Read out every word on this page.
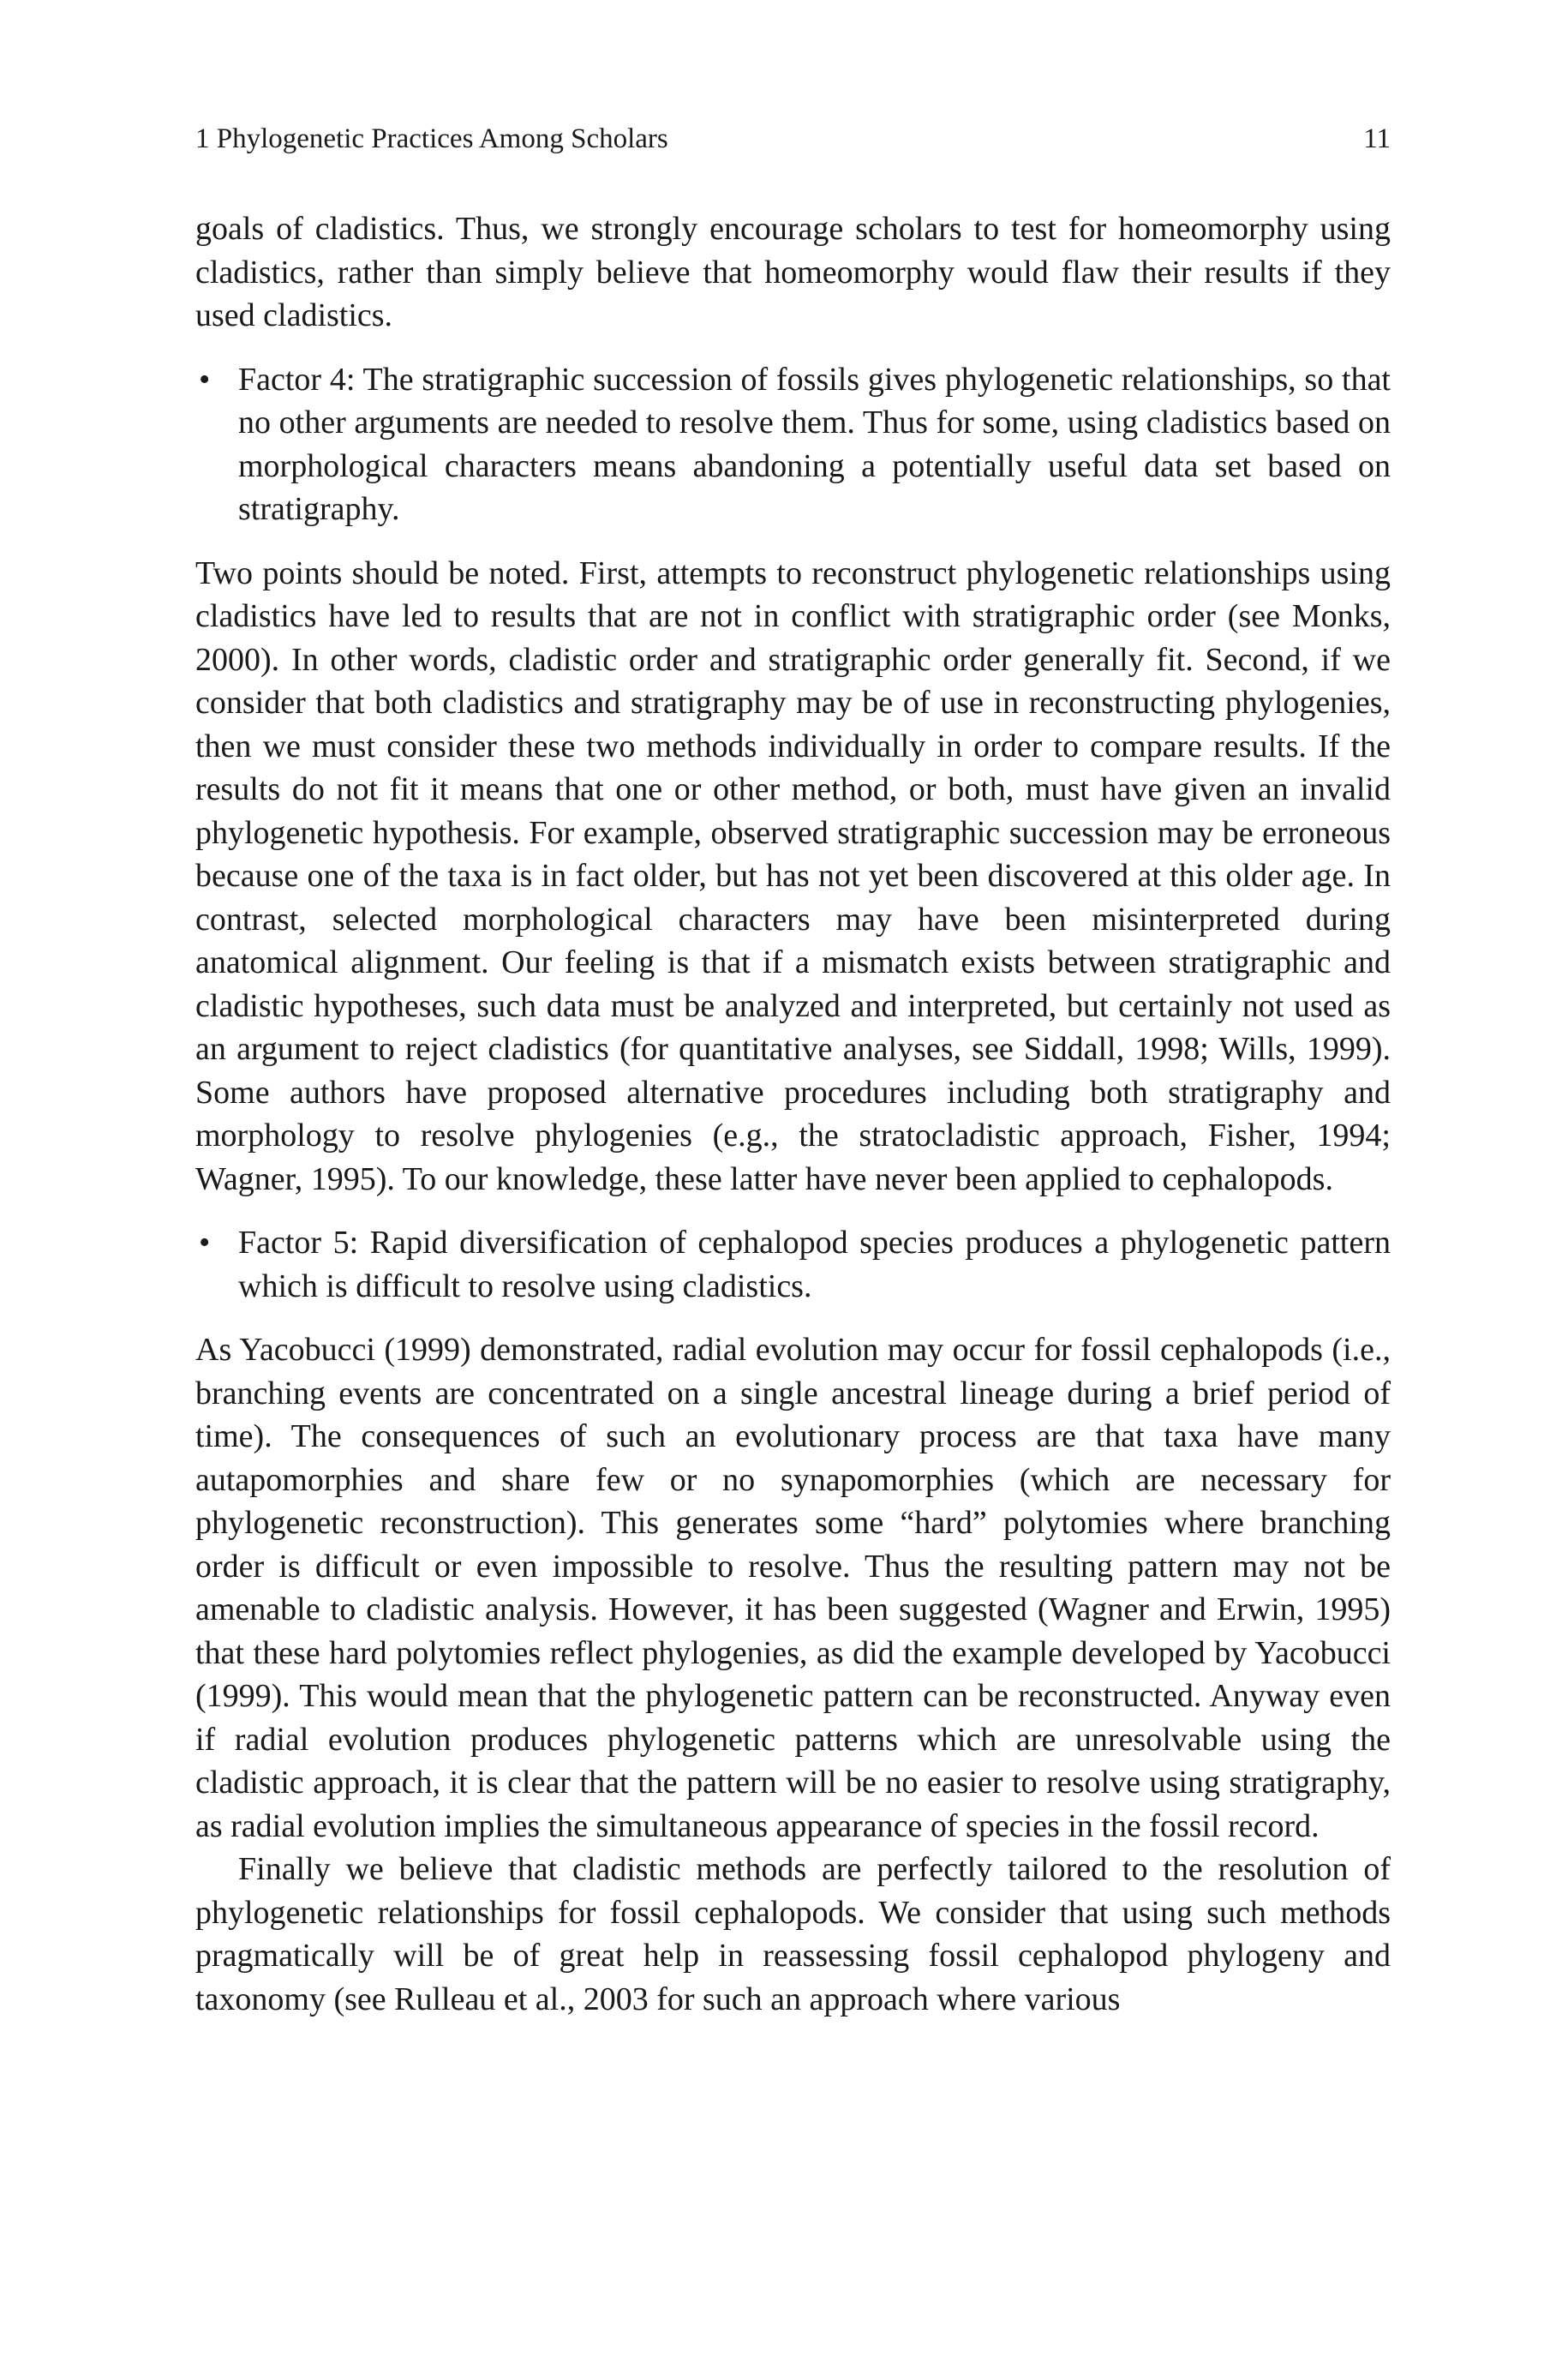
1 Phylogenetic Practices Among Scholars	11

goals of cladistics. Thus, we strongly encourage scholars to test for homeomorphy using cladistics, rather than simply believe that homeomorphy would flaw their results if they used cladistics.

• Factor 4: The stratigraphic succession of fossils gives phylogenetic relationships, so that no other arguments are needed to resolve them. Thus for some, using cladistics based on morphological characters means abandoning a potentially useful data set based on stratigraphy.

Two points should be noted. First, attempts to reconstruct phylogenetic relationships using cladistics have led to results that are not in conflict with stratigraphic order (see Monks, 2000). In other words, cladistic order and stratigraphic order generally fit. Second, if we consider that both cladistics and stratigraphy may be of use in reconstructing phylogenies, then we must consider these two methods individually in order to compare results. If the results do not fit it means that one or other method, or both, must have given an invalid phylogenetic hypothesis. For example, observed stratigraphic succession may be erroneous because one of the taxa is in fact older, but has not yet been discovered at this older age. In contrast, selected morphological characters may have been misinterpreted during anatomical alignment. Our feeling is that if a mismatch exists between stratigraphic and cladistic hypotheses, such data must be analyzed and interpreted, but certainly not used as an argument to reject cladistics (for quantitative analyses, see Siddall, 1998; Wills, 1999). Some authors have proposed alternative procedures including both stratigraphy and morphology to resolve phylogenies (e.g., the stratocladistic approach, Fisher, 1994; Wagner, 1995). To our knowledge, these latter have never been applied to cephalopods.

• Factor 5: Rapid diversification of cephalopod species produces a phylogenetic pattern which is difficult to resolve using cladistics.

As Yacobucci (1999) demonstrated, radial evolution may occur for fossil cephalopods (i.e., branching events are concentrated on a single ancestral lineage during a brief period of time). The consequences of such an evolutionary process are that taxa have many autapomorphies and share few or no synapomorphies (which are necessary for phylogenetic reconstruction). This generates some “hard” polytomies where branching order is difficult or even impossible to resolve. Thus the resulting pattern may not be amenable to cladistic analysis. However, it has been suggested (Wagner and Erwin, 1995) that these hard polytomies reflect phylogenies, as did the example developed by Yacobucci (1999). This would mean that the phylogenetic pattern can be reconstructed. Anyway even if radial evolution produces phylogenetic patterns which are unresolvable using the cladistic approach, it is clear that the pattern will be no easier to resolve using stratigraphy, as radial evolution implies the simultaneous appearance of species in the fossil record.

Finally we believe that cladistic methods are perfectly tailored to the resolution of phylogenetic relationships for fossil cephalopods. We consider that using such methods pragmatically will be of great help in reassessing fossil cephalopod phylogeny and taxonomy (see Rulleau et al., 2003 for such an approach where various
